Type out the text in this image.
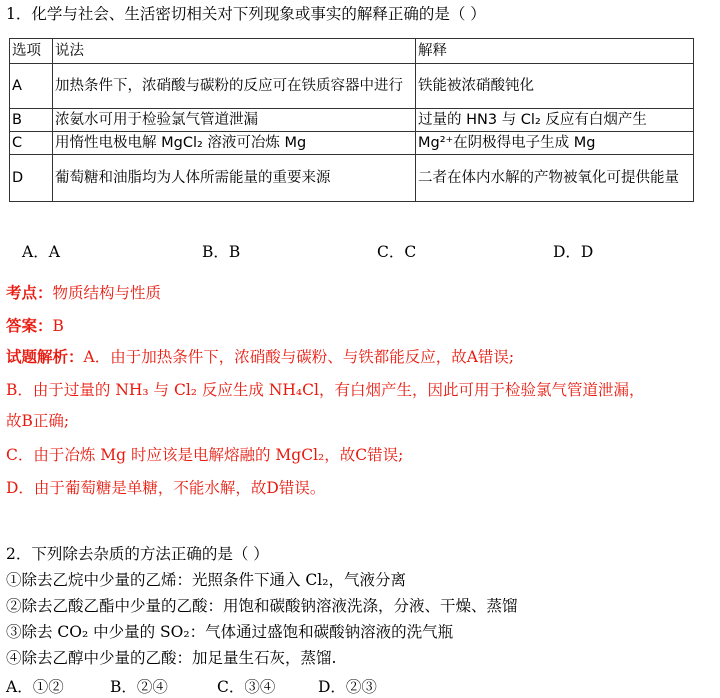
1．化学与社会、生活密切相关对下列现象或事实的解释正确的是（ ）
选项	说法	解释
A	加热条件下，浓硝酸与碳粉的反应可在铁质容器中进行	铁能被浓硝酸钝化
B	浓氨水可用于检验氯气管道泄漏	过量的 HN3 与 Cl₂ 反应有白烟产生
C	用惰性电极电解 MgCl₂ 溶液可冶炼 Mg	Mg²⁺在阴极得电子生成 Mg
D	葡萄糖和油脂均为人体所需能量的重要来源	二者在体内水解的产物被氧化可提供能量
A．A	B．B	C．C	D．D
考点：物质结构与性质
答案：B
试题解析：A．由于加热条件下，浓硝酸与碳粉、与铁都能反应，故A错误;
B．由于过量的 NH₃ 与 Cl₂ 反应生成 NH₄Cl，有白烟产生，因此可用于检验氯气管道泄漏，
故B正确;
C．由于冶炼 Mg 时应该是电解熔融的 MgCl₂，故C错误;
D．由于葡萄糖是单糖，不能水解，故D错误。
2．下列除去杂质的方法正确的是（ ）
①除去乙烷中少量的乙烯：光照条件下通入 Cl₂，气液分离
②除去乙酸乙酯中少量的乙酸：用饱和碳酸钠溶液洗涤，分液、干燥、蒸馏
③除去 CO₂ 中少量的 SO₂：气体通过盛饱和碳酸钠溶液的洗气瓶
④除去乙醇中少量的乙酸：加足量生石灰，蒸馏.
A．①②	B．②④	C．③④	D．②③
